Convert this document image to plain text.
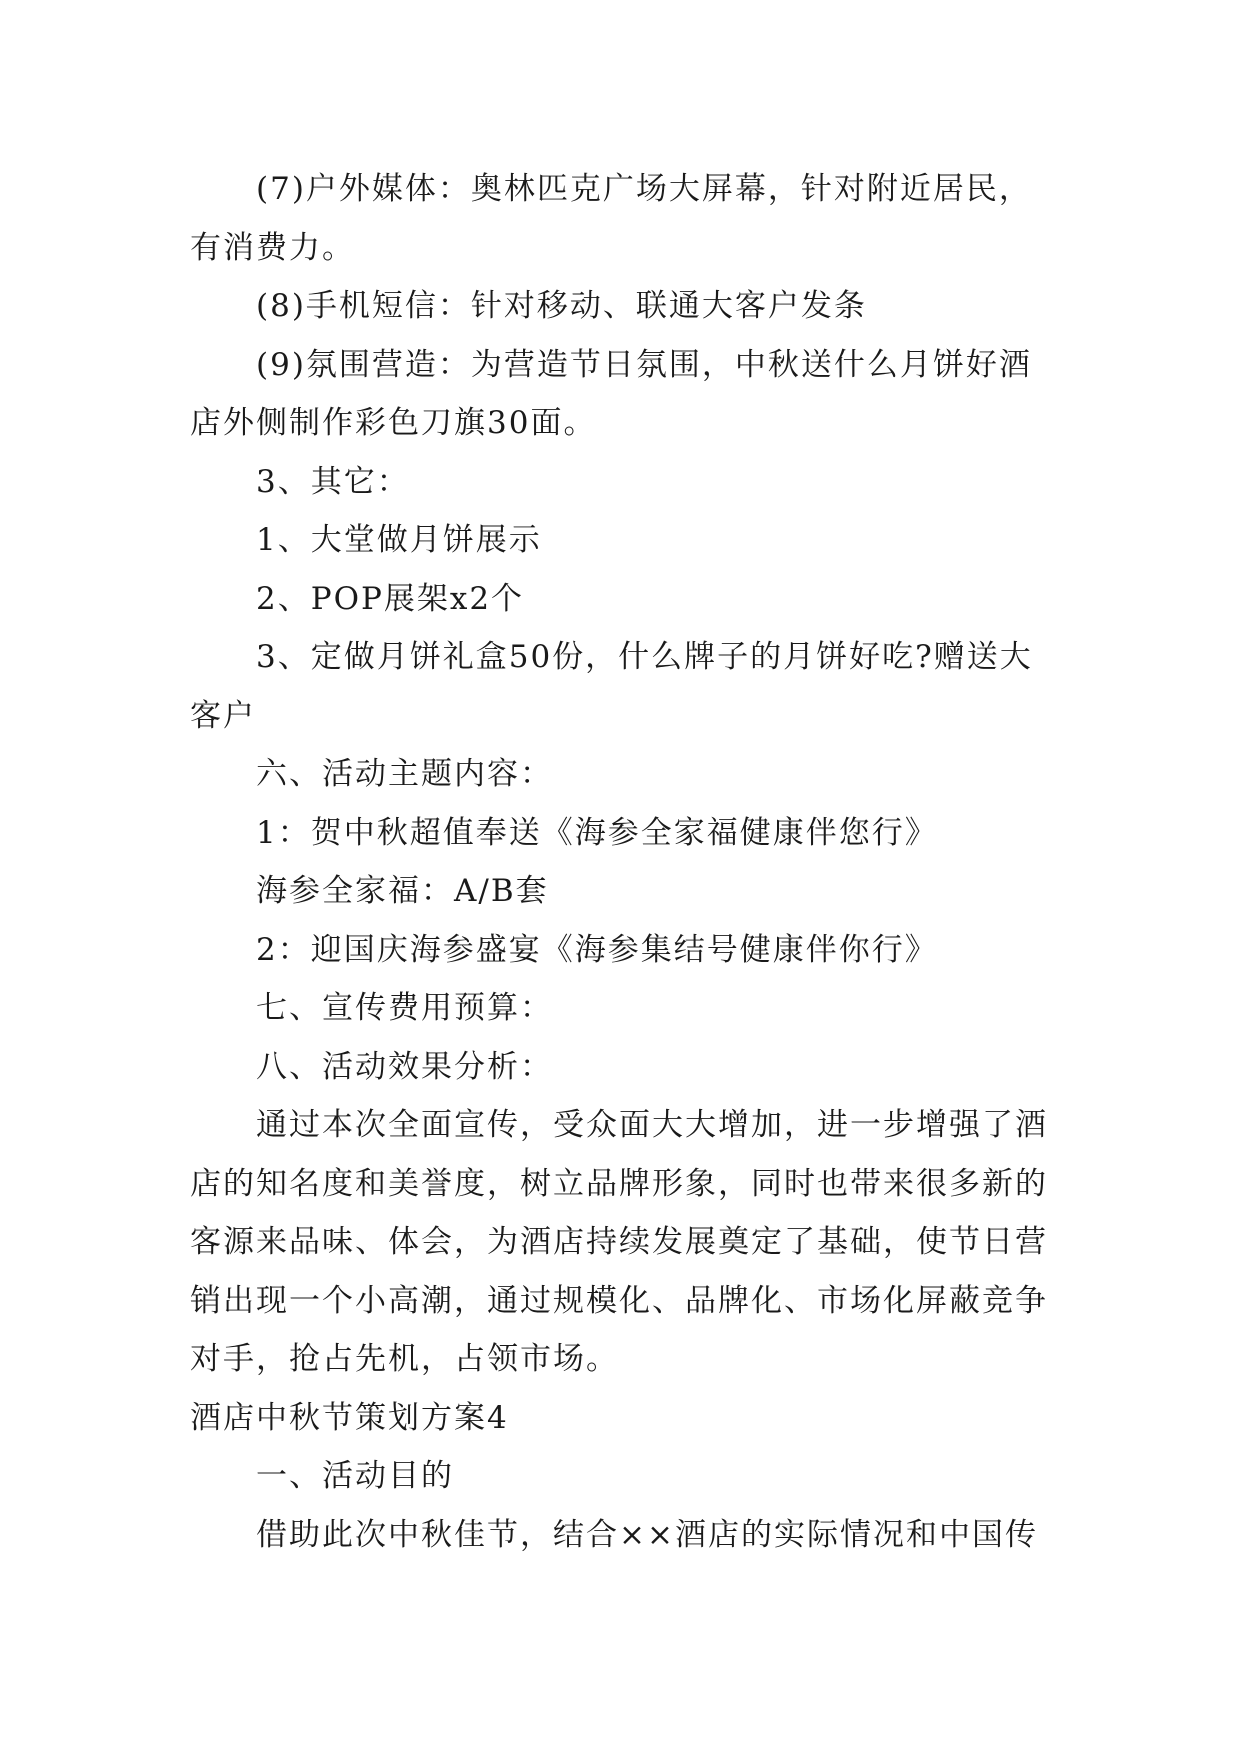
(7)户外媒体：奥林匹克广场大屏幕，针对附近居民，有消费力。

(8)手机短信：针对移动、联通大客户发条

(9)氛围营造：为营造节日氛围，中秋送什么月饼好酒店外侧制作彩色刀旗30面。

3、其它：

1、大堂做月饼展示

2、POP展架x2个

3、定做月饼礼盒50份，什么牌子的月饼好吃?赠送大客户

六、活动主题内容：

1：贺中秋超值奉送《海参全家福健康伴您行》

海参全家福：A/B套

2：迎国庆海参盛宴《海参集结号健康伴你行》

七、宣传费用预算：

八、活动效果分析：

通过本次全面宣传，受众面大大增加，进一步增强了酒店的知名度和美誉度，树立品牌形象，同时也带来很多新的客源来品味、体会，为酒店持续发展奠定了基础，使节日营销出现一个小高潮，通过规模化、品牌化、市场化屏蔽竞争对手，抢占先机，占领市场。

酒店中秋节策划方案4

一、活动目的

借助此次中秋佳节，结合××酒店的实际情况和中国传
